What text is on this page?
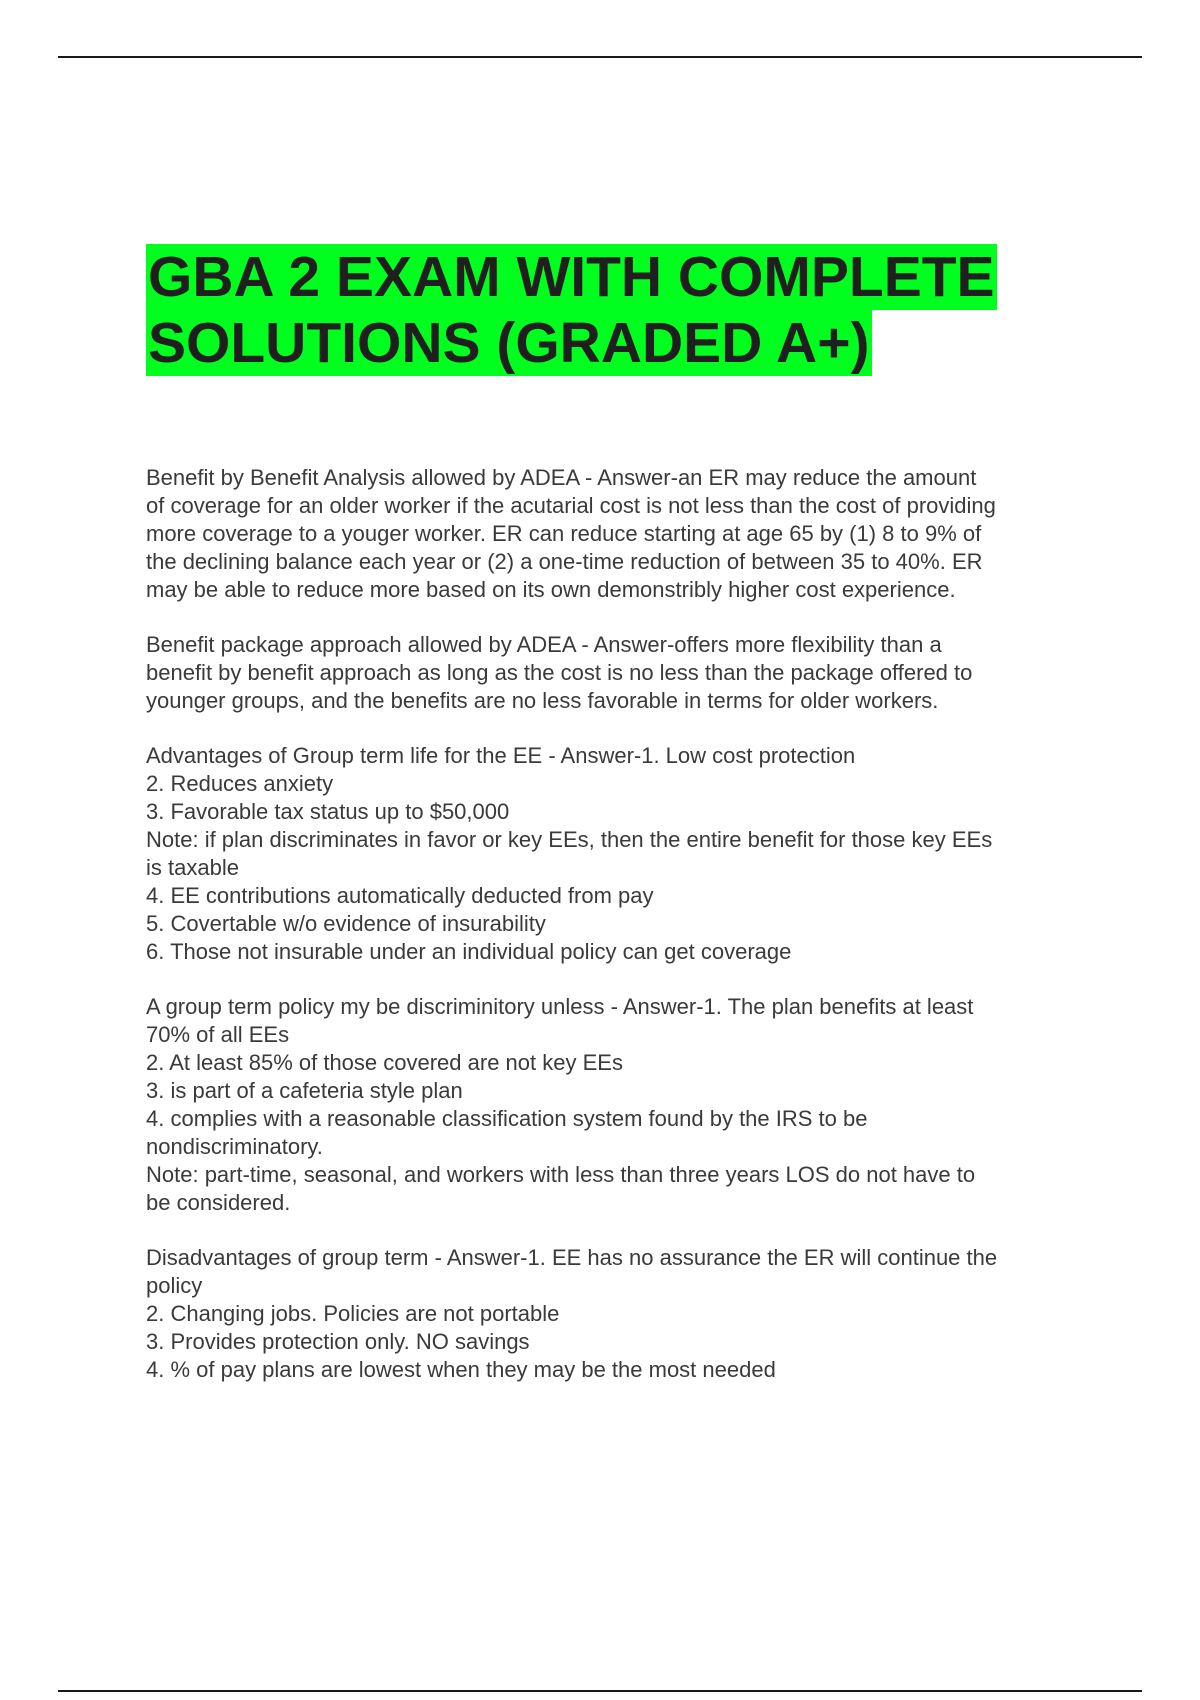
GBA 2 EXAM WITH COMPLETE
SOLUTIONS (GRADED A+)

Benefit by Benefit Analysis allowed by ADEA - Answer-an ER may reduce the amount
of coverage for an older worker if the acutarial cost is not less than the cost of providing
more coverage to a youger worker. ER can reduce starting at age 65 by (1) 8 to 9% of
the declining balance each year or (2) a one-time reduction of between 35 to 40%. ER
may be able to reduce more based on its own demonstribly higher cost experience.

Benefit package approach allowed by ADEA - Answer-offers more flexibility than a
benefit by benefit approach as long as the cost is no less than the package offered to
younger groups, and the benefits are no less favorable in terms for older workers.

Advantages of Group term life for the EE - Answer-1. Low cost protection
2. Reduces anxiety
3. Favorable tax status up to $50,000
Note: if plan discriminates in favor or key EEs, then the entire benefit for those key EEs
is taxable
4. EE contributions automatically deducted from pay
5. Covertable w/o evidence of insurability
6. Those not insurable under an individual policy can get coverage

A group term policy my be discriminitory unless - Answer-1. The plan benefits at least
70% of all EEs
2. At least 85% of those covered are not key EEs
3. is part of a cafeteria style plan
4. complies with a reasonable classification system found by the IRS to be
nondiscriminatory.
Note: part-time, seasonal, and workers with less than three years LOS do not have to
be considered.

Disadvantages of group term - Answer-1. EE has no assurance the ER will continue the
policy
2. Changing jobs. Policies are not portable
3. Provides protection only. NO savings
4. % of pay plans are lowest when they may be the most needed
